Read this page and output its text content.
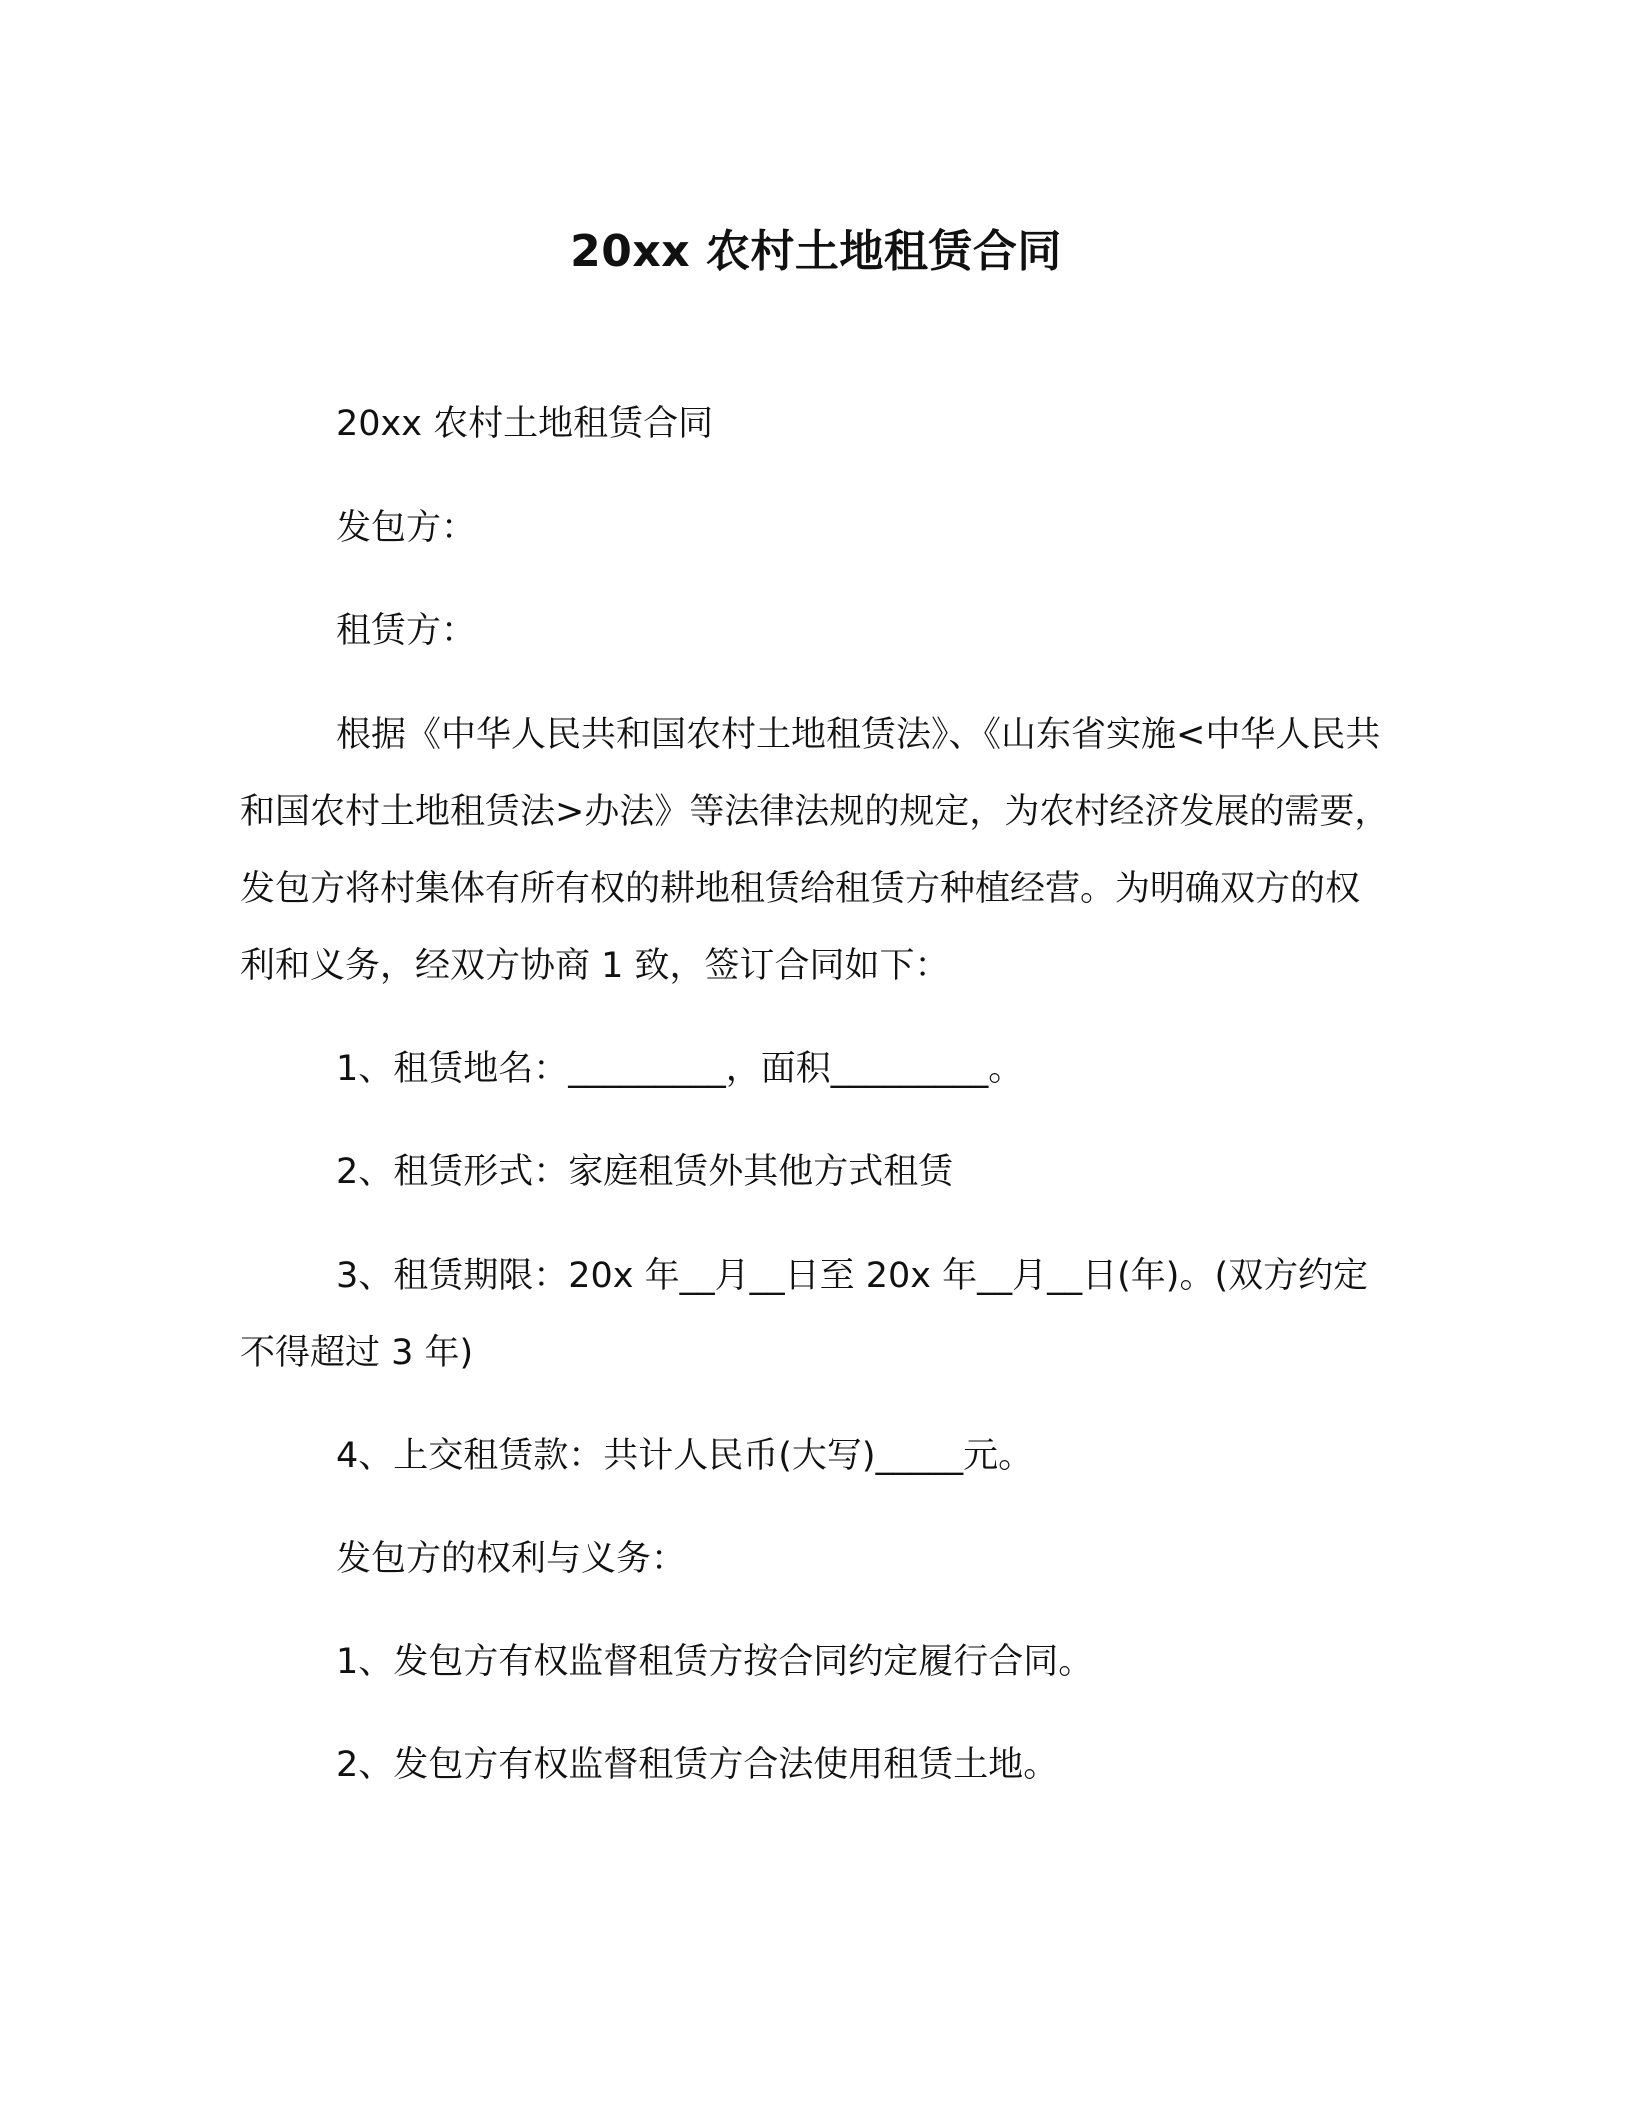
20xx 农村土地租赁合同

20xx 农村土地租赁合同

发包方：

租赁方：

根据《中华人民共和国农村土地租赁法》、《山东省实施<中华人民共和国农村土地租赁法>办法》等法律法规的规定，为农村经济发展的需要，发包方将村集体有所有权的耕地租赁给租赁方种植经营。为明确双方的权利和义务，经双方协商 1 致，签订合同如下：

1、租赁地名：_________，面积_________。

2、租赁形式：家庭租赁外其他方式租赁

3、租赁期限：20x 年__月__日至 20x 年__月__日(年)。(双方约定不得超过 3 年)

4、上交租赁款：共计人民币(大写)_____元。

发包方的权利与义务：

1、发包方有权监督租赁方按合同约定履行合同。

2、发包方有权监督租赁方合法使用租赁土地。
